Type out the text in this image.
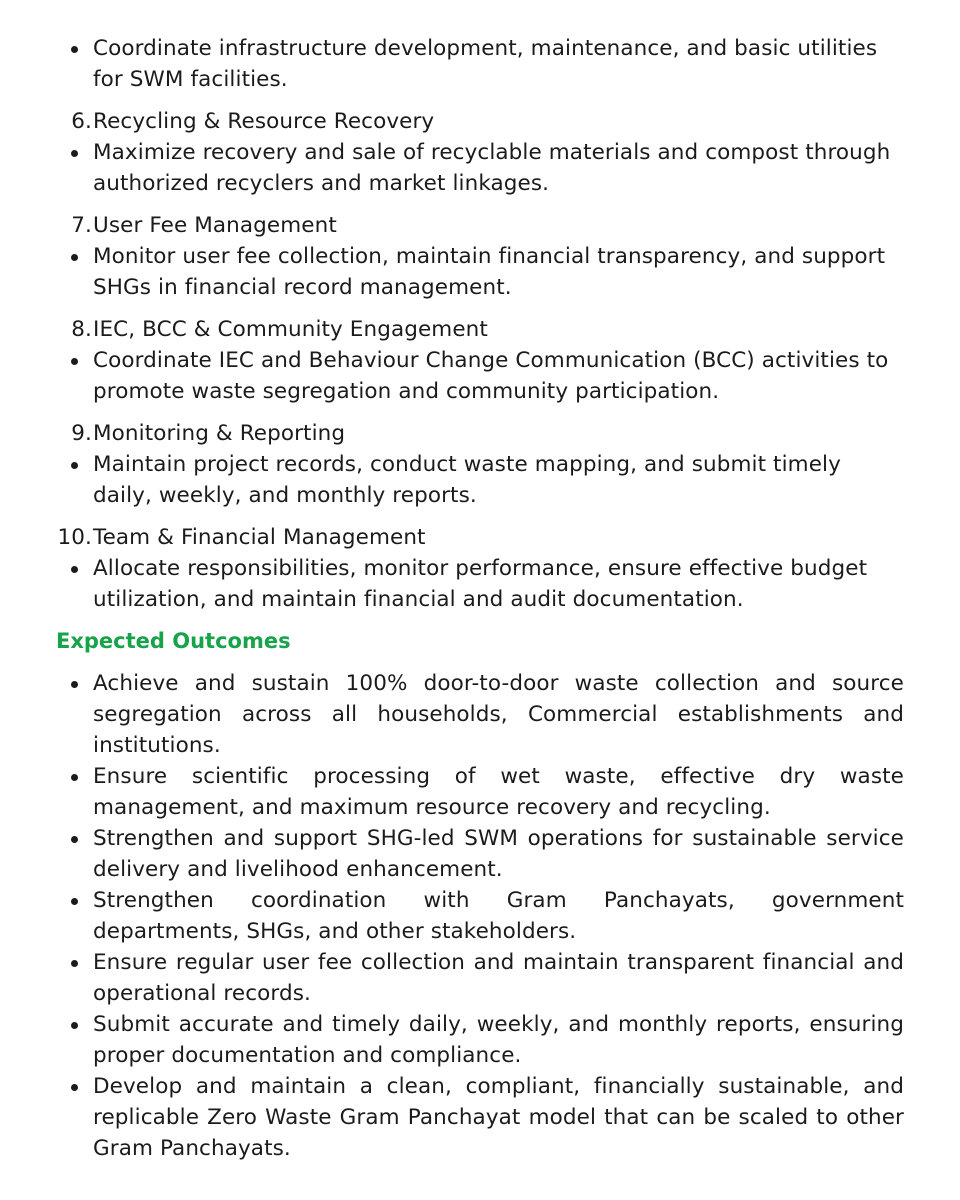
Coordinate infrastructure development, maintenance, and basic utilities for SWM facilities.
6. Recycling & Resource Recovery
Maximize recovery and sale of recyclable materials and compost through authorized recyclers and market linkages.
7. User Fee Management
Monitor user fee collection, maintain financial transparency, and support SHGs in financial record management.
8. IEC, BCC & Community Engagement
Coordinate IEC and Behaviour Change Communication (BCC) activities to promote waste segregation and community participation.
9. Monitoring & Reporting
Maintain project records, conduct waste mapping, and submit timely daily, weekly, and monthly reports.
10. Team & Financial Management
Allocate responsibilities, monitor performance, ensure effective budget utilization, and maintain financial and audit documentation.
Expected Outcomes
Achieve and sustain 100% door-to-door waste collection and source segregation across all households, Commercial establishments and institutions.
Ensure scientific processing of wet waste, effective dry waste management, and maximum resource recovery and recycling.
Strengthen and support SHG-led SWM operations for sustainable service delivery and livelihood enhancement.
Strengthen coordination with Gram Panchayats, government departments, SHGs, and other stakeholders.
Ensure regular user fee collection and maintain transparent financial and operational records.
Submit accurate and timely daily, weekly, and monthly reports, ensuring proper documentation and compliance.
Develop and maintain a clean, compliant, financially sustainable, and replicable Zero Waste Gram Panchayat model that can be scaled to other Gram Panchayats.
